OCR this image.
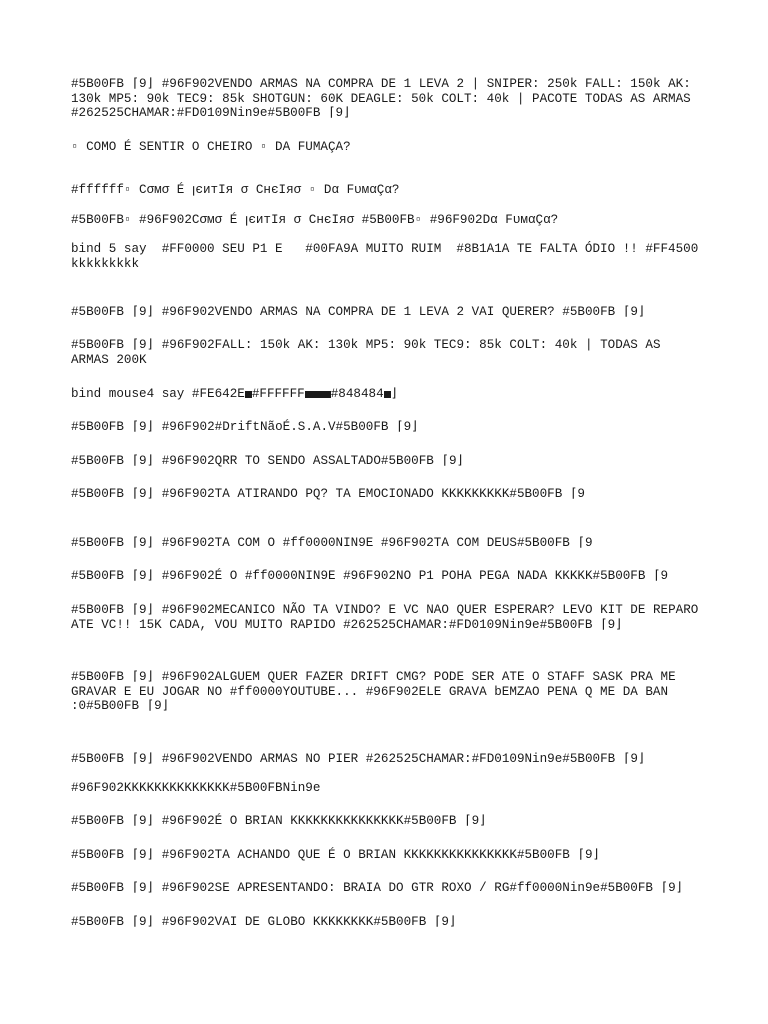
#5B00FB ⌈9⌋ #96F902VENDO ARMAS NA COMPRA DE 1 LEVA 2 | SNIPER: 250k FALL: 150k AK: 130k MP5: 90k TEC9: 85k SHOTGUN: 60K DEAGLE: 50k COLT: 40k | PACOTE TODAS AS ARMAS #262525CHAMAR:#FD0109Nin9e#5B00FB ⌈9⌋
▫ COMO É SENTIR O CHEIRO ▫ DA FUMAÇA?
#ffffff▫ Cσмσ É ꞁєитIя σ CнєIяσ ▫ Dα FυмαÇα?
#5B00FB▫ #96F902Cσмσ É ꞁєитIя σ CнєIяσ #5B00FB▫ #96F902Dα FυмαÇα?
bind 5 say  #FF0000 SEU P1 E   #00FA9A MUITO RUIM  #8B1A1A TE FALTA ÓDIO !! #FF4500 kkkkkkkkk
#5B00FB ⌈9⌋ #96F902VENDO ARMAS NA COMPRA DE 1 LEVA 2 VAI QUERER? #5B00FB ⌈9⌋
#5B00FB ⌈9⌋ #96F902FALL: 150k AK: 130k MP5: 90k TEC9: 85k COLT: 40k | TODAS AS ARMAS 200K
bind mouse4 say #FE642E #FFFFFF #848484 ⌋
#5B00FB ⌈9⌋ #96F902#DriftNãoÉ.S.A.V#5B00FB ⌈9⌋
#5B00FB ⌈9⌋ #96F902QRR TO SENDO ASSALTADO#5B00FB ⌈9⌋
#5B00FB ⌈9⌋ #96F902TA ATIRANDO PQ? TA EMOCIONADO KKKKKKKKK#5B00FB ⌈9
#5B00FB ⌈9⌋ #96F902TA COM O #ff0000NIN9E #96F902TA COM DEUS#5B00FB ⌈9
#5B00FB ⌈9⌋ #96F902É O #ff0000NIN9E #96F902NO P1 POHA PEGA NADA KKKKK#5B00FB ⌈9
#5B00FB ⌈9⌋ #96F902MECANICO NÃO TA VINDO? E VC NAO QUER ESPERAR? LEVO KIT DE REPARO ATE VC!! 15K CADA, VOU MUITO RAPIDO #262525CHAMAR:#FD0109Nin9e#5B00FB ⌈9⌋
#5B00FB ⌈9⌋ #96F902ALGUEM QUER FAZER DRIFT CMG? PODE SER ATE O STAFF SASK PRA ME GRAVAR E EU JOGAR NO #ff0000YOUTUBE... #96F902ELE GRAVA bEMZAO PENA Q ME DA BAN :0#5B00FB ⌈9⌋
#5B00FB ⌈9⌋ #96F902VENDO ARMAS NO PIER #262525CHAMAR:#FD0109Nin9e#5B00FB ⌈9⌋
#96F902KKKKKKKKKKKKKK#5B00FBNin9e
#5B00FB ⌈9⌋ #96F902É O BRIAN KKKKKKKKKKKKKKK#5B00FB ⌈9⌋
#5B00FB ⌈9⌋ #96F902TA ACHANDO QUE É O BRIAN KKKKKKKKKKKKKKK#5B00FB ⌈9⌋
#5B00FB ⌈9⌋ #96F902SE APRESENTANDO: BRAIA DO GTR ROXO / RG#ff0000Nin9e#5B00FB ⌈9⌋
#5B00FB ⌈9⌋ #96F902VAI DE GLOBO KKKKKKKK#5B00FB ⌈9⌋
